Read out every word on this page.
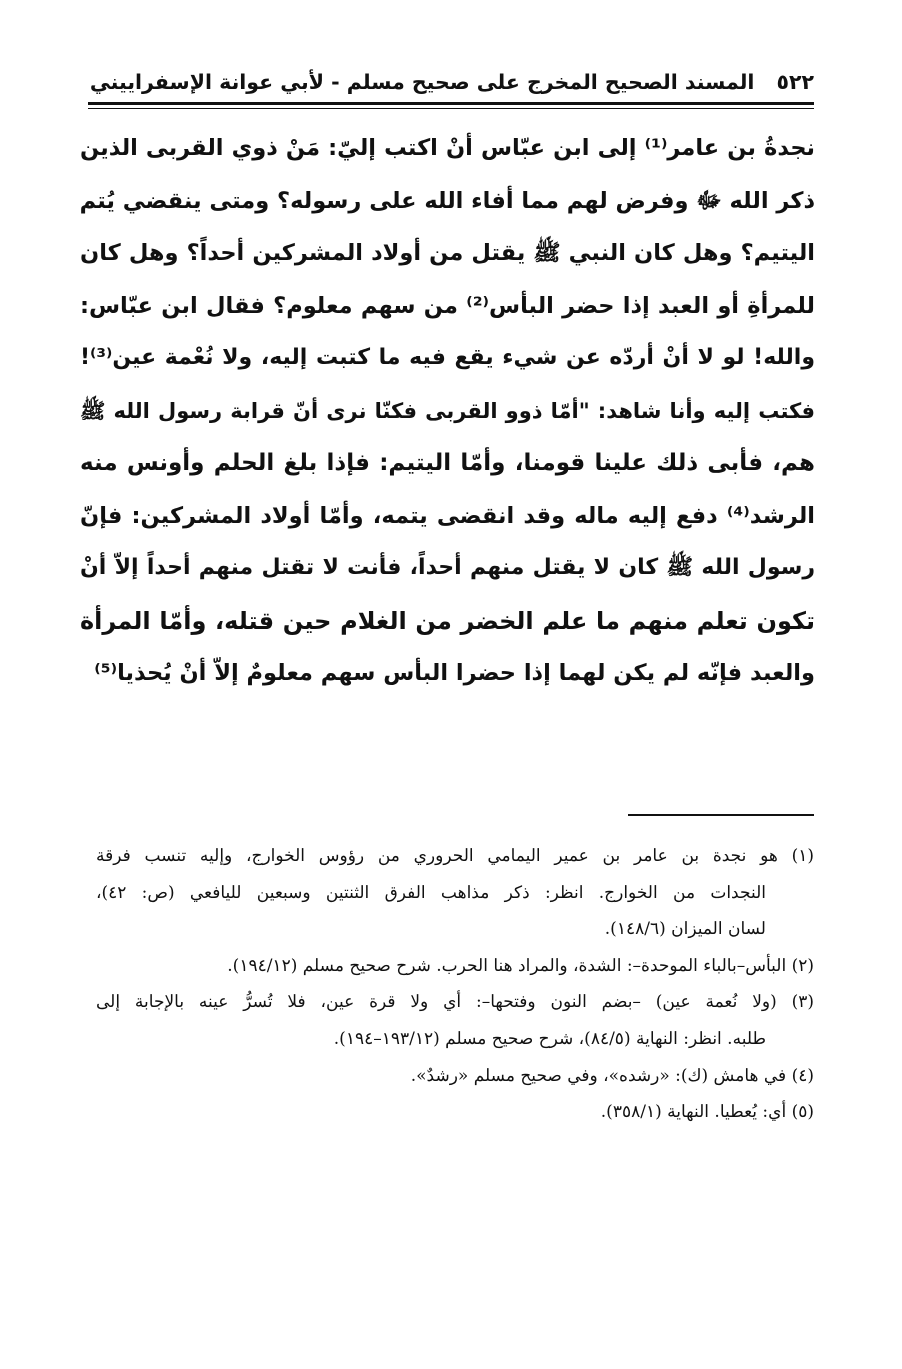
٥٢٢المسند الصحيح المخرج على صحيح مسلم - لأبي عوانة الإسفراييني
نجدةُ بن عامر⁽¹⁾ إلى ابن عبّاس أنْ اكتب إليّ: مَنْ ذوي القربى الذين
ذكر الله ﷻ وفرض لهم مما أفاء الله على رسوله؟ ومتى ينقضي يُتم
اليتيم؟ وهل كان النبي ﷺ يقتل من أولاد المشركين أحداً؟ وهل كان
للمرأةِ أو العبد إذا حضر البأس⁽²⁾ من سهم معلوم؟ فقال ابن عبّاس:
والله! لو لا أنْ أردّه عن شيء يقع فيه ما كتبت إليه، ولا نُعْمة عين⁽³⁾!
فكتب إليه وأنا شاهد: "أمّا ذوو القربى فكنّا نرى أنّ قرابة رسول الله ﷺ
هم، فأبى ذلك علينا قومنا، وأمّا اليتيم: فإذا بلغ الحلم وأونس منه
الرشد⁽⁴⁾ دفع إليه ماله وقد انقضى يتمه، وأمّا أولاد المشركين: فإنّ
رسول الله ﷺ كان لا يقتل منهم أحداً، فأنت لا تقتل منهم أحداً إلاّ أنْ
تكون تعلم منهم ما علم الخضر من الغلام حين قتله، وأمّا المرأة
والعبد فإنّه لم يكن لهما إذا حضرا البأس سهم معلومٌ إلاّ أنْ يُحذيا⁽⁵⁾
(١) هو نجدة بن عامر بن عمير اليمامي الحروري من رؤوس الخوارج، وإليه تنسب فرقة
النجدات من الخوارج. انظر: ذكر مذاهب الفرق الثنتين وسبعين لليافعي (ص: ٤٢)،
لسان الميزان (١٤٨/٦).
(٢) البأس–بالباء الموحدة–: الشدة، والمراد هنا الحرب. شرح صحيح مسلم (١٩٤/١٢).
(٣) (ولا نُعمة عين) –بضم النون وفتحها–: أي ولا قرة عين، فلا تُسرُّ عينه بالإجابة إلى
طلبه. انظر: النهاية (٨٤/٥)، شرح صحيح مسلم (١٩٣/١٢–١٩٤).
(٤) في هامش (ك): «رشده»، وفي صحيح مسلم «رشدٌ».
(٥) أي: يُعطيا. النهاية (٣٥٨/١).
